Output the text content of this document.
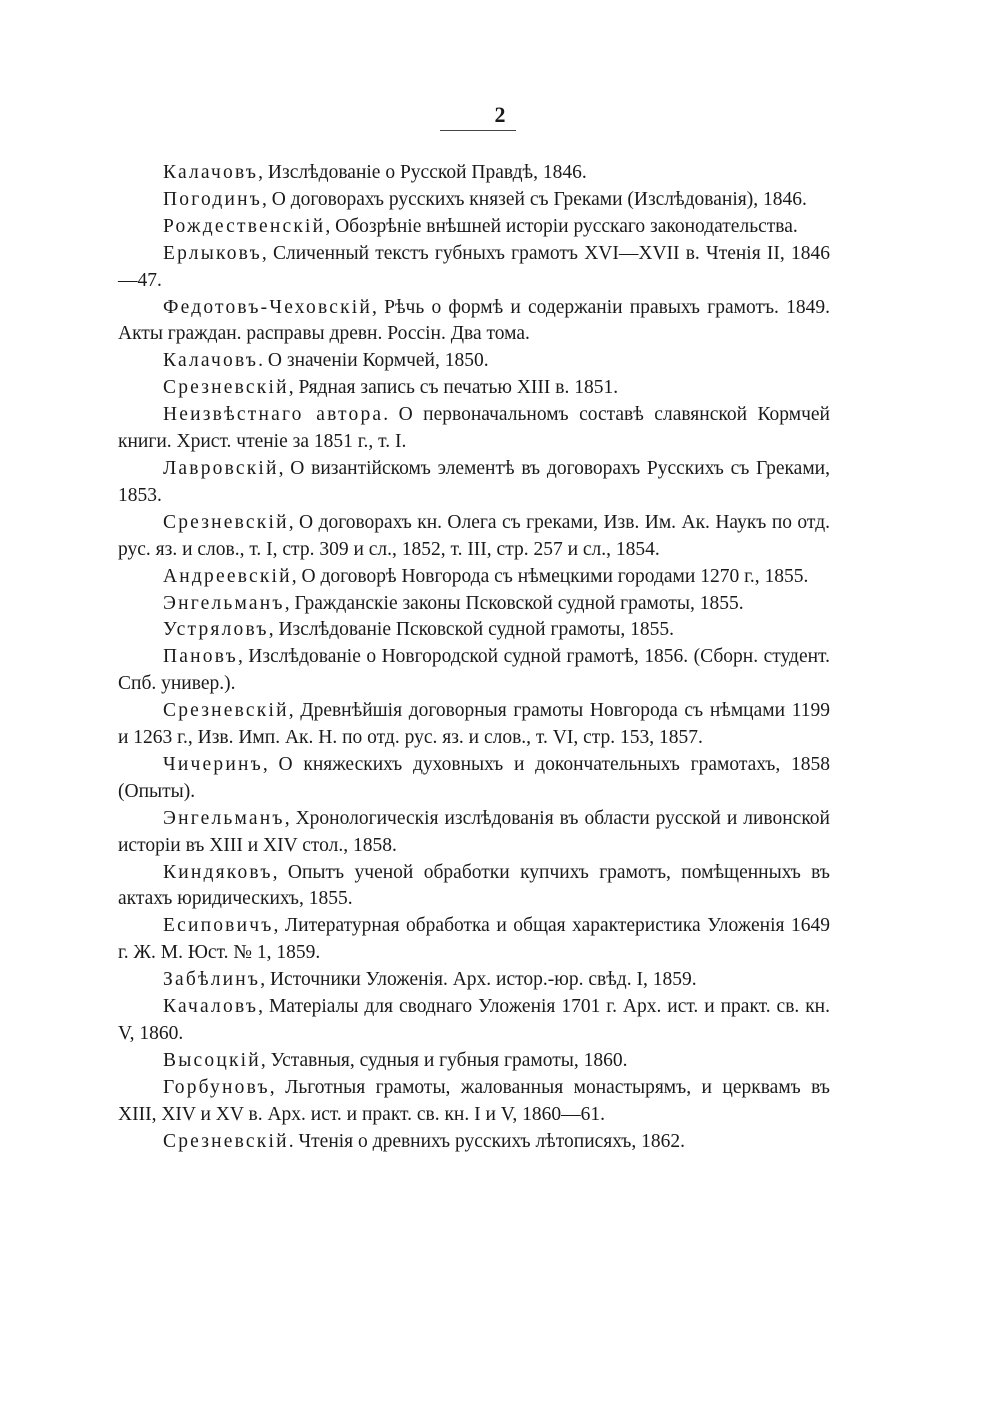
2

Калачовъ, Изслѣдованіе о Русской Правдѣ, 1846.

Погодинъ, О договорахъ русскихъ князей съ Греками (Изслѣдованія), 1846.

Рождественскій, Обозрѣніе внѣшней исторіи русскаго законодательства.

Ерлыковъ, Сличенный текстъ губныхъ грамотъ XVI—XVII в. Чтенія II, 1846—47.

Федотовъ-Чеховскій, Рѣчь о формѣ и содержаніи правыхъ грамотъ. 1849. Акты граждан. расправы древн. Россін. Два тома.

Калачовъ. О значеніи Кормчей, 1850.

Срезневскій, Рядная запись съ печатью XIII в. 1851.

Неизвѣстнаго автора. О первоначальномъ составѣ славянской Кормчей книги. Христ. чтеніе за 1851 г., т. I.

Лавровскій, О византійскомъ элементѣ въ договорахъ Русскихъ съ Греками, 1853.

Срезневскій, О договорахъ кн. Олега съ греками, Изв. Им. Ак. Наукъ по отд. рус. яз. и слов., т. I, стр. 309 и сл., 1852, т. III, стр. 257 и сл., 1854.

Андреевскій, О договорѣ Новгорода съ нѣмецкими городами 1270 г., 1855.

Энгельманъ, Гражданскіе законы Псковской судной грамоты, 1855.

Устряловъ, Изслѣдованіе Псковской судной грамоты, 1855.

Пановъ, Изслѣдованіе о Новгородской судной грамотѣ, 1856. (Сборн. студент. Спб. универ.).

Срезневскій, Древнѣйшія договорныя грамоты Новгорода съ нѣмцами 1199 и 1263 г., Изв. Имп. Ак. Н. по отд. рус. яз. и слов., т. VI, стр. 153, 1857.

Чичеринъ, О княжескихъ духовныхъ и докончательныхъ грамотахъ, 1858 (Опыты).

Энгельманъ, Хронологическія изслѣдованія въ области русской и ливонской исторіи въ XIII и XIV стол., 1858.

Киндяковъ, Опытъ ученой обработки купчихъ грамотъ, помѣщенныхъ въ актахъ юридическихъ, 1855.

Есиповичъ, Литературная обработка и общая характеристика Уложенія 1649 г. Ж. М. Юст. № 1, 1859.

Забѣлинъ, Источники Уложенія. Арх. истор.-юр. свѣд. I, 1859.

Качаловъ, Матеріалы для своднаго Уложенія 1701 г. Арх. ист. и практ. св. кн. V, 1860.

Высоцкій, Уставныя, судныя и губныя грамоты, 1860.

Горбуновъ, Льготныя грамоты, жалованныя монастырямъ, и церквамъ въ XIII, XIV и XV в. Арх. ист. и практ. св. кн. I и V, 1860—61.

Срезневскій. Чтенія о древнихъ русскихъ лѣтописяхъ, 1862.
